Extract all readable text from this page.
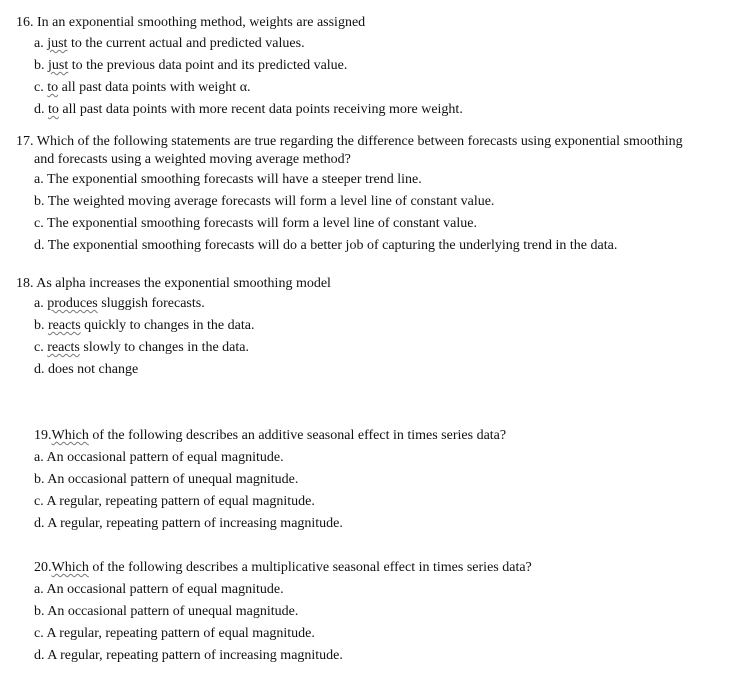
16. In an exponential smoothing method, weights are assigned
a. just to the current actual and predicted values.
b. just to the previous data point and its predicted value.
c. to all past data points with weight α.
d. to all past data points with more recent data points receiving more weight.
17. Which of the following statements are true regarding the difference between forecasts using exponential smoothing
and forecasts using a weighted moving average method?
a. The exponential smoothing forecasts will have a steeper trend line.
b. The weighted moving average forecasts will form a level line of constant value.
c. The exponential smoothing forecasts will form a level line of constant value.
d. The exponential smoothing forecasts will do a better job of capturing the underlying trend in the data.
18. As alpha increases the exponential smoothing model
a. produces sluggish forecasts.
b. reacts quickly to changes in the data.
c. reacts slowly to changes in the data.
d. does not change
19.Which of the following describes an additive seasonal effect in times series data?
a. An occasional pattern of equal magnitude.
b. An occasional pattern of unequal magnitude.
c. A regular, repeating pattern of equal magnitude.
d. A regular, repeating pattern of increasing magnitude.
20.Which of the following describes a multiplicative seasonal effect in times series data?
a. An occasional pattern of equal magnitude.
b. An occasional pattern of unequal magnitude.
c. A regular, repeating pattern of equal magnitude.
d. A regular, repeating pattern of increasing magnitude.
